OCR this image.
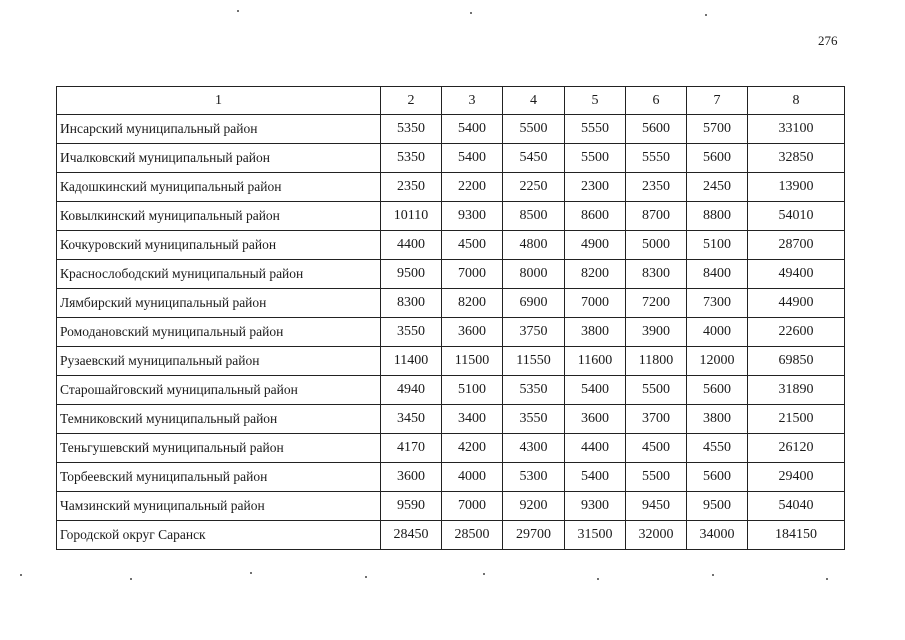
276
1	2	3	4	5	6	7	8
Инсарский муниципальный район	5350	5400	5500	5550	5600	5700	33100
Ичалковский муниципальный район	5350	5400	5450	5500	5550	5600	32850
Кадошкинский муниципальный район	2350	2200	2250	2300	2350	2450	13900
Ковылкинский муниципальный район	10110	9300	8500	8600	8700	8800	54010
Кочкуровский муниципальный район	4400	4500	4800	4900	5000	5100	28700
Краснослободский муниципальный район	9500	7000	8000	8200	8300	8400	49400
Лямбирский муниципальный район	8300	8200	6900	7000	7200	7300	44900
Ромодановский муниципальный район	3550	3600	3750	3800	3900	4000	22600
Рузаевский муниципальный район	11400	11500	11550	11600	11800	12000	69850
Старошайговский муниципальный район	4940	5100	5350	5400	5500	5600	31890
Темниковский муниципальный район	3450	3400	3550	3600	3700	3800	21500
Теньгушевский муниципальный район	4170	4200	4300	4400	4500	4550	26120
Торбеевский муниципальный район	3600	4000	5300	5400	5500	5600	29400
Чамзинский муниципальный район	9590	7000	9200	9300	9450	9500	54040
Городской округ Саранск	28450	28500	29700	31500	32000	34000	184150
